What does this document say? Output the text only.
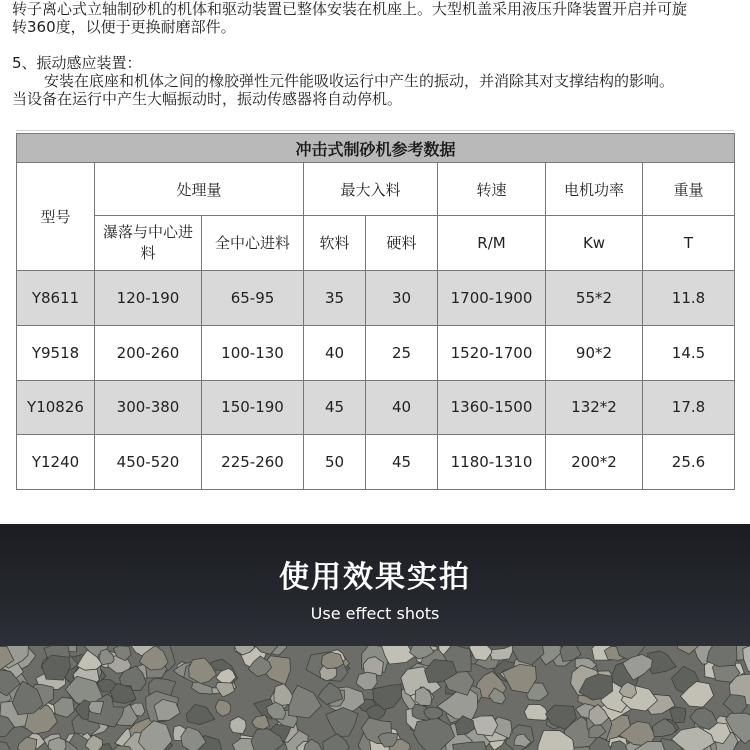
转子离心式立轴制砂机的机体和驱动装置已整体安装在机座上。大型机盖采用液压升降装置开启并可旋

转360度，以便于更换耐磨部件。

5、振动感应装置：

安装在底座和机体之间的橡胶弹性元件能吸收运行中产生的振动，并消除其对支撑结构的影响。

当设备在运行中产生大幅振动时，振动传感器将自动停机。

冲击式制砂机参考数据							
型号	处理量		最大入料		转速	电机功率	重量
	瀑落与中心进料	全中心进料	软料	硬料	R/M	Kw	T
Y8611	120-190	65-95	35	30	1700-1900	55*2	11.8
Y9518	200-260	100-130	40	25	1520-1700	90*2	14.5
Y10826	300-380	150-190	45	40	1360-1500	132*2	17.8
Y1240	450-520	225-260	50	45	1180-1310	200*2	25.6
使用效果实拍
Use effect shots
